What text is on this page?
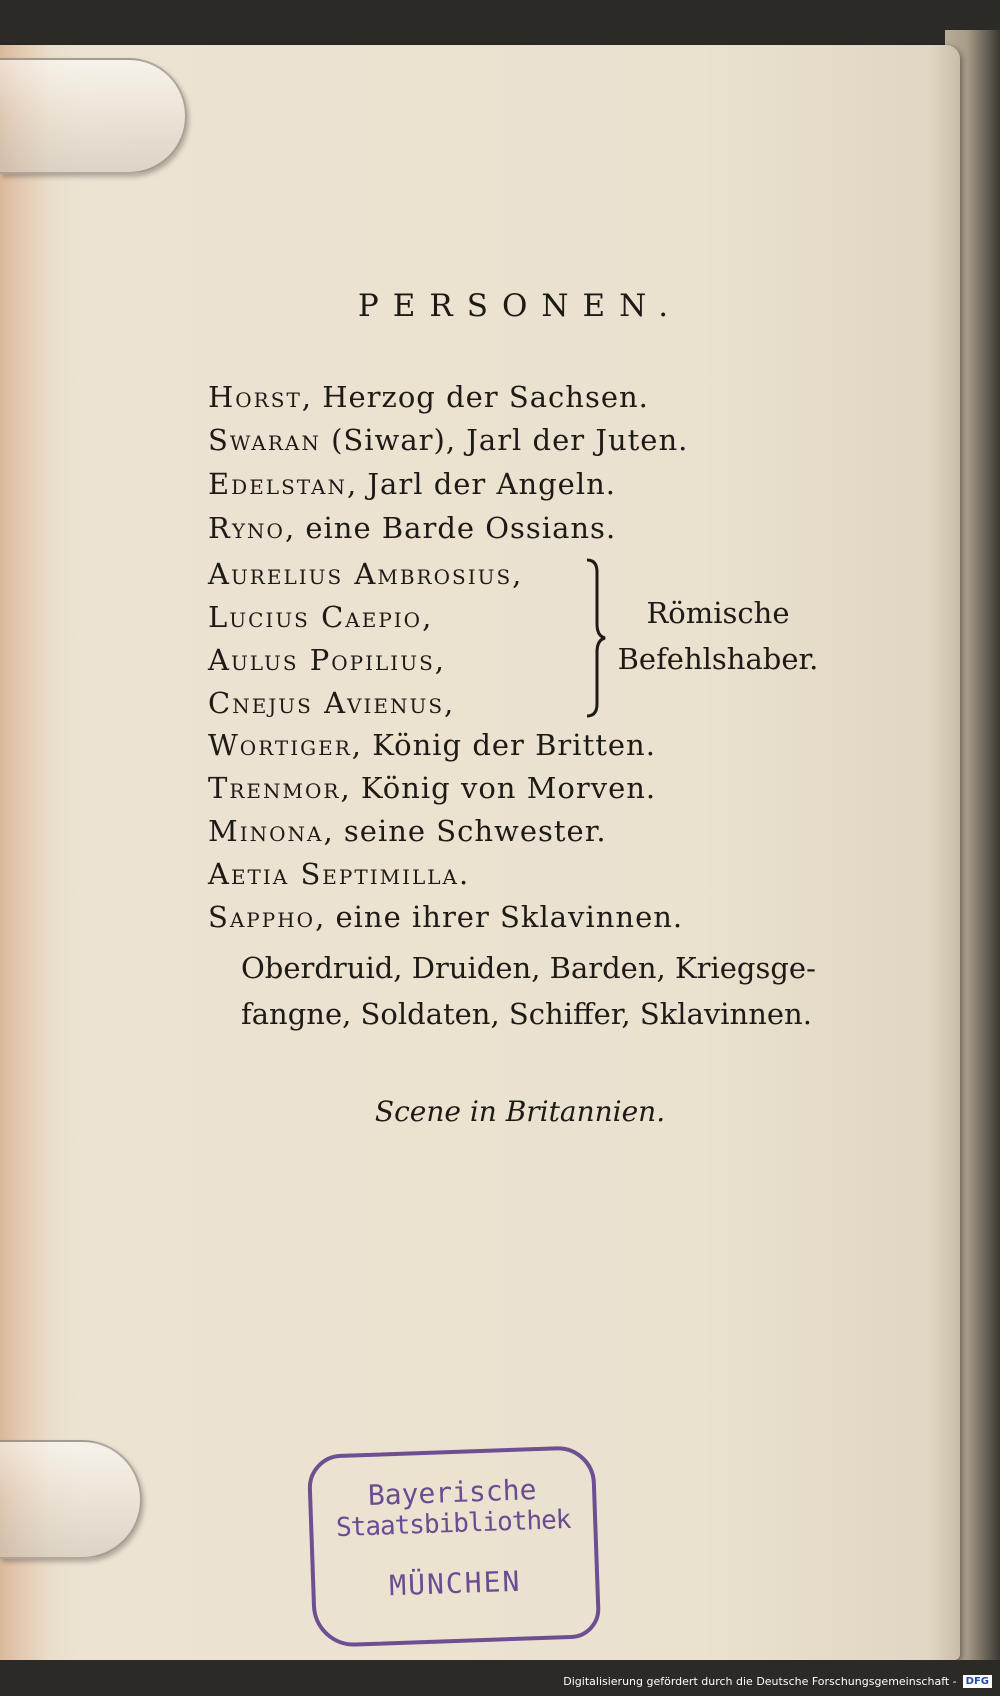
PERSONEN.
Horst, Herzog der Sachsen.
Swaran (Siwar), Jarl der Juten.
Edelstan, Jarl der Angeln.
Ryno, eine Barde Ossians.
Aurelius Ambrosius,
Lucius Caepio,
Aulus Popilius,
Cnejus Avienus,
Römische
Befehlshaber.
Wortiger, König der Britten.
Trenmor, König von Morven.
Minona, seine Schwester.
Aetia Septimilla.
Sappho, eine ihrer Sklavinnen.
Oberdruid, Druiden, Barden, Kriegsge-
fangne, Soldaten, Schiffer, Sklavinnen.
Scene in Britannien.
Bayerische
Staatsbibliothek
MÜNCHEN
Digitalisierung gefördert durch die Deutsche Forschungsgemeinschaft - DFG
